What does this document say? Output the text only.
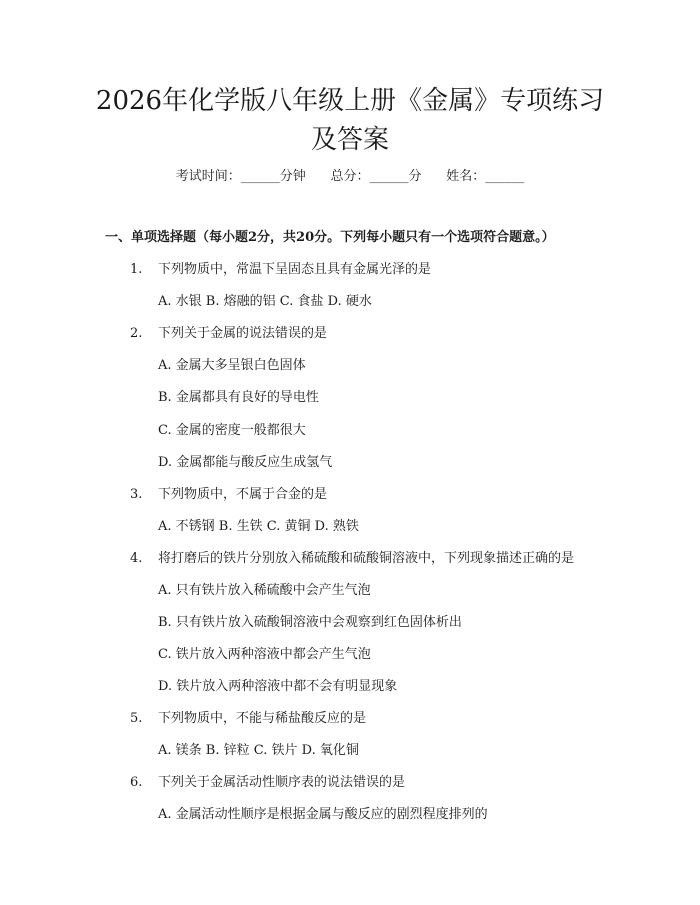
2026年化学版八年级上册《金属》专项练习
及答案
考试时间：______分钟      总分：______分      姓名：______
一、单项选择题（每小题2分，共20分。下列每小题只有一个选项符合题意。）
1. 下列物质中，常温下呈固态且具有金属光泽的是
A. 水银 B. 熔融的铝 C. 食盐 D. 硬水
2. 下列关于金属的说法错误的是
A. 金属大多呈银白色固体
B. 金属都具有良好的导电性
C. 金属的密度一般都很大
D. 金属都能与酸反应生成氢气
3. 下列物质中，不属于合金的是
A. 不锈钢 B. 生铁 C. 黄铜 D. 熟铁
4. 将打磨后的铁片分别放入稀硫酸和硫酸铜溶液中，下列现象描述正确的是
A. 只有铁片放入稀硫酸中会产生气泡
B. 只有铁片放入硫酸铜溶液中会观察到红色固体析出
C. 铁片放入两种溶液中都会产生气泡
D. 铁片放入两种溶液中都不会有明显现象
5. 下列物质中，不能与稀盐酸反应的是
A. 镁条 B. 锌粒 C. 铁片 D. 氧化铜
6. 下列关于金属活动性顺序表的说法错误的是
A. 金属活动性顺序是根据金属与酸反应的剧烈程度排列的
